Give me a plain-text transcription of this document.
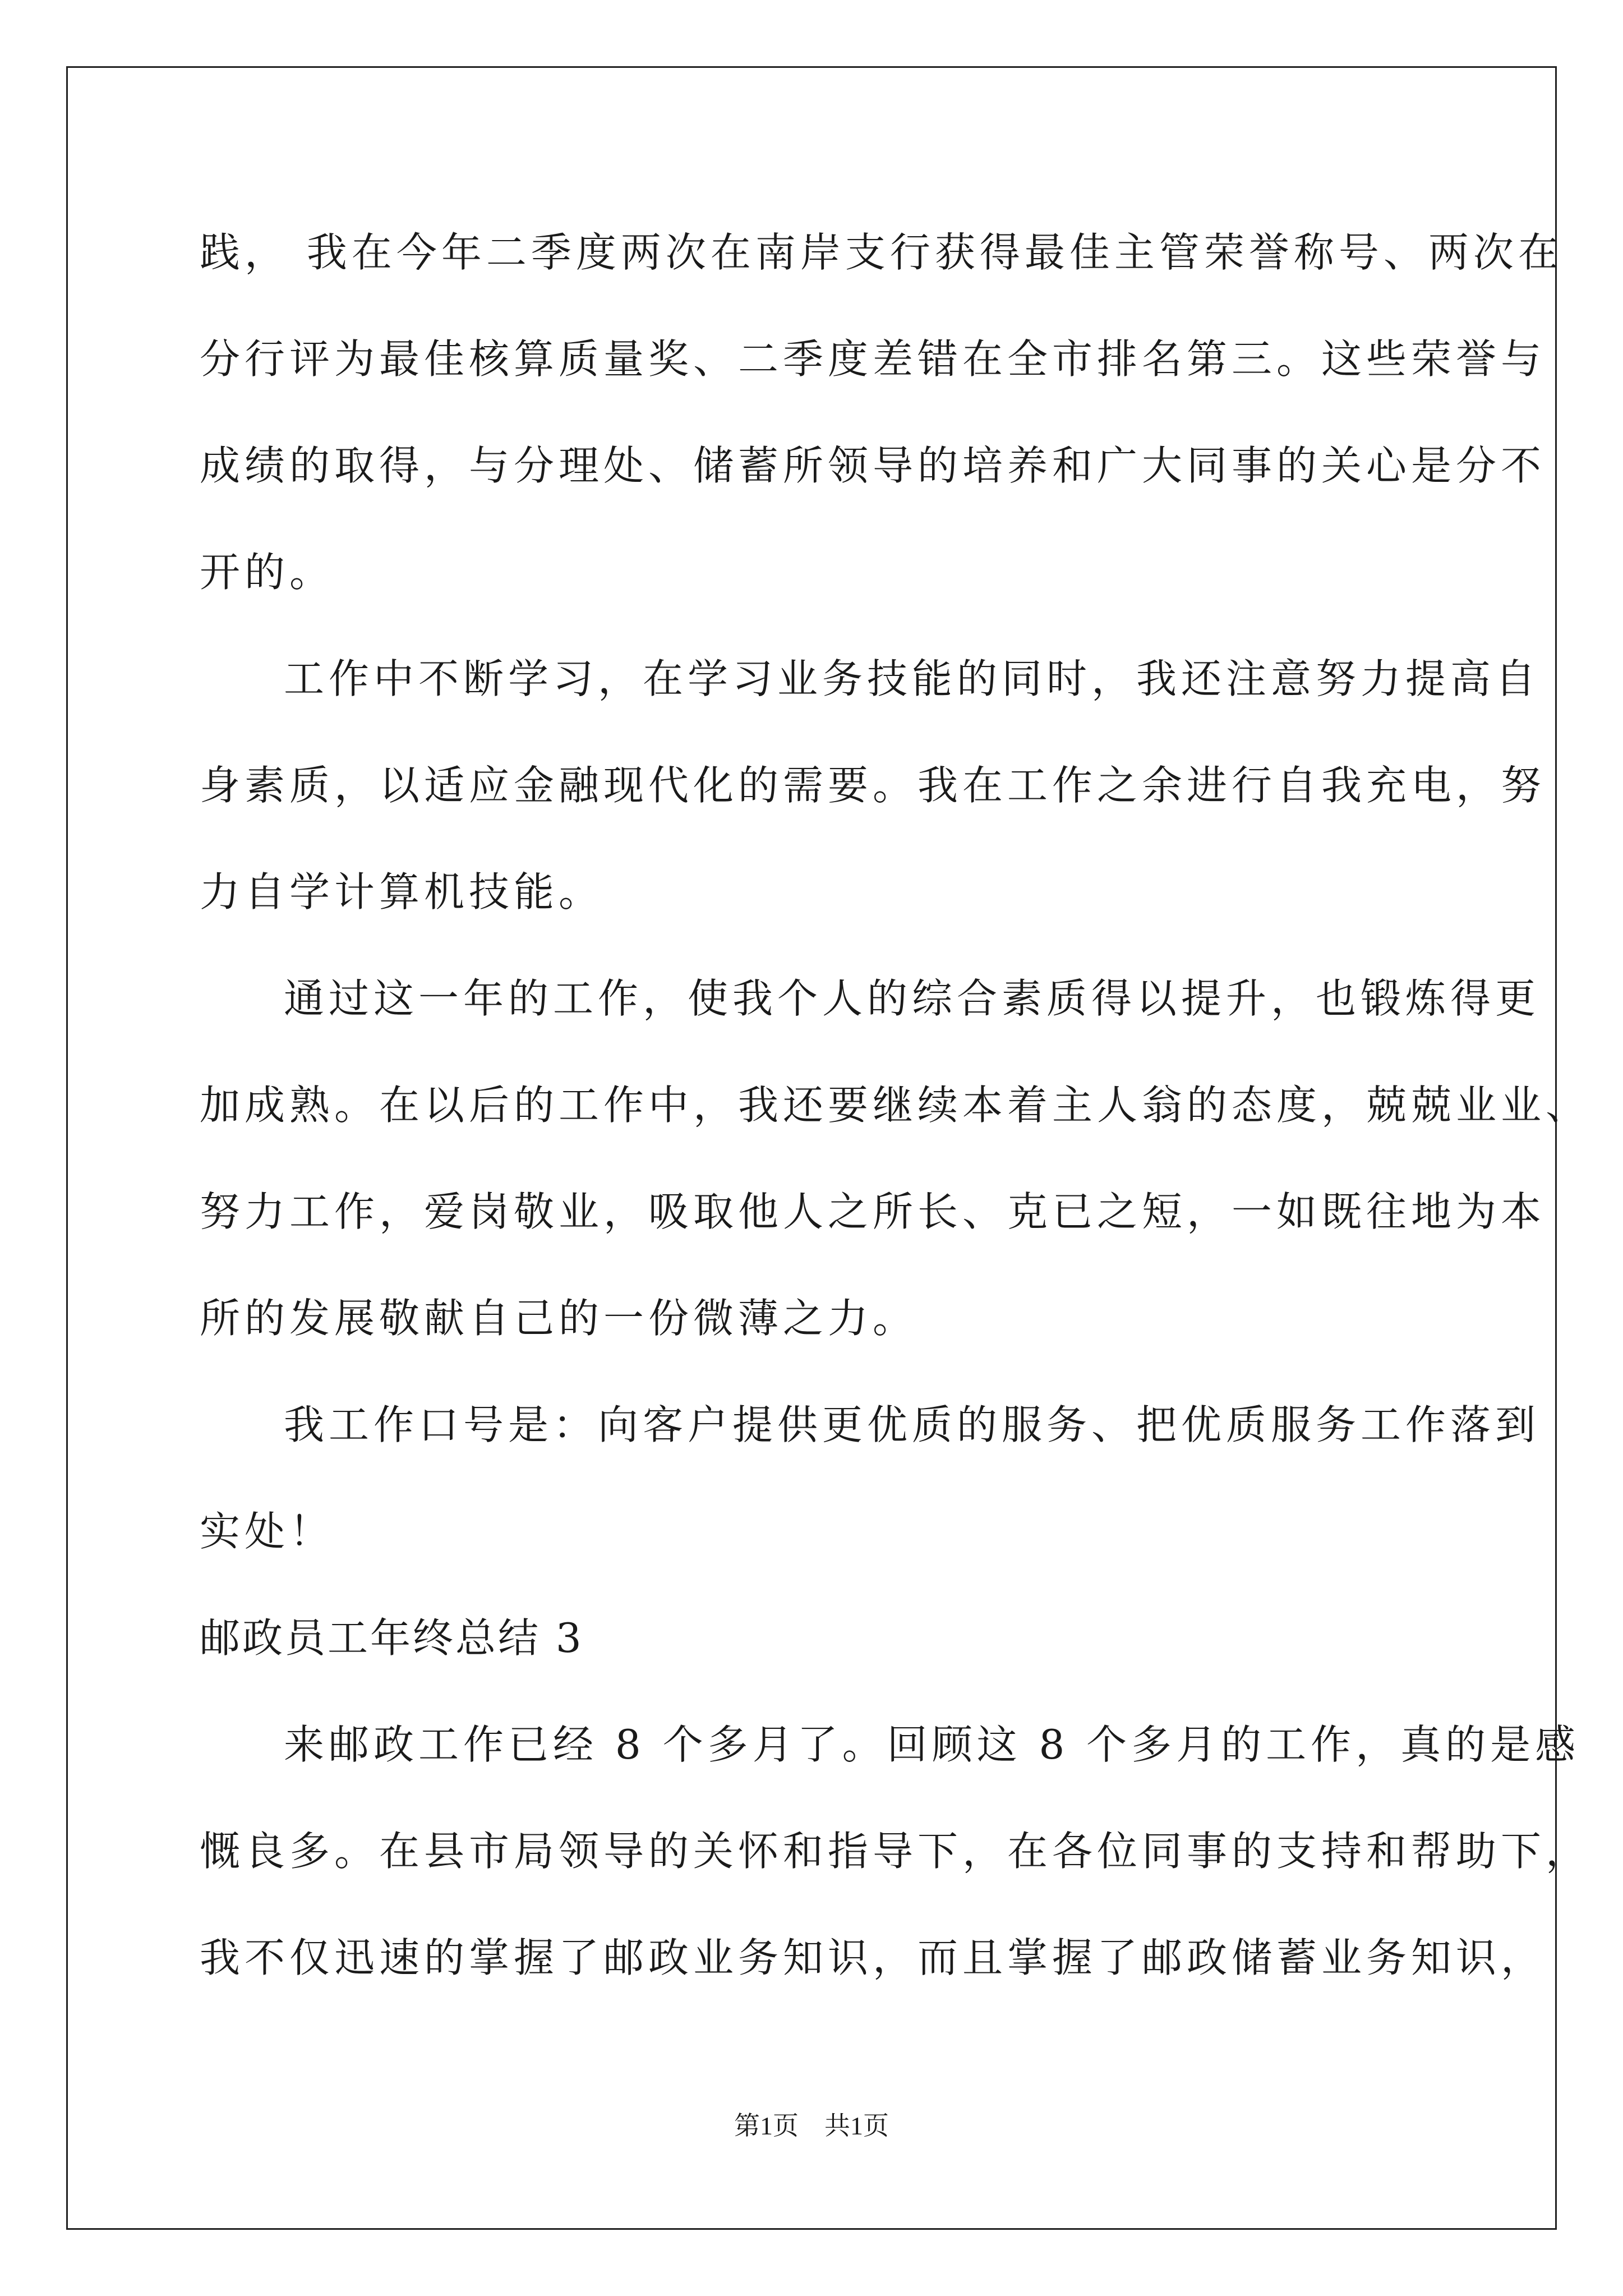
践， 我在今年二季度两次在南岸支行获得最佳主管荣誉称号、两次在
分行评为最佳核算质量奖、二季度差错在全市排名第三。这些荣誉与
成绩的取得，与分理处、储蓄所领导的培养和广大同事的关心是分不
开的。
工作中不断学习，在学习业务技能的同时，我还注意努力提高自
身素质，以适应金融现代化的需要。我在工作之余进行自我充电，努
力自学计算机技能。
通过这一年的工作，使我个人的综合素质得以提升，也锻炼得更
加成熟。在以后的工作中，我还要继续本着主人翁的态度，兢兢业业、
努力工作，爱岗敬业，吸取他人之所长、克已之短，一如既往地为本
所的发展敬献自己的一份微薄之力。
我工作口号是：向客户提供更优质的服务、把优质服务工作落到
实处！
邮政员工年终总结 3
来邮政工作已经 8 个多月了。回顾这 8 个多月的工作，真的是感
慨良多。在县市局领导的关怀和指导下，在各位同事的支持和帮助下，
我不仅迅速的掌握了邮政业务知识，而且掌握了邮政储蓄业务知识，
第1页　共1页
